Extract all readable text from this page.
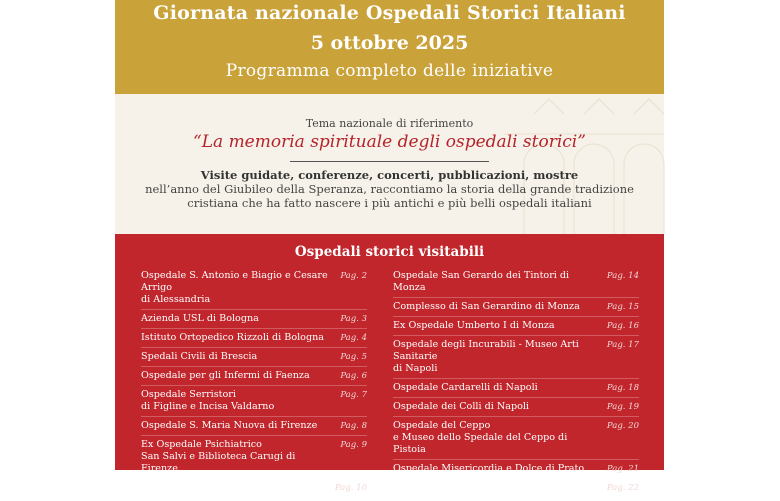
Giornata nazionale Ospedali Storici Italiani
5 ottobre 2025
Programma completo delle iniziative
Tema nazionale di riferimento
“La memoria spirituale degli ospedali storici”
Visite guidate, conferenze, concerti, pubblicazioni, mostre
nell’anno del Giubileo della Speranza, raccontiamo la storia della grande tradizione
cristiana che ha fatto nascere i più antichi e più belli ospedali italiani
Ospedali storici visitabili
Ospedale S. Antonio e Biagio e Cesare Arrigo
di Alessandria
Pag. 2
Azienda USL di Bologna	Pag. 3
Istituto Ortopedico Rizzoli di Bologna	Pag. 4
Spedali Civili di Brescia	Pag. 5
Ospedale per gli Infermi di Faenza	Pag. 6
Ospedale Serristori
di Figline e Incisa Valdarno
Pag. 7
Ospedale S. Maria Nuova di Firenze	Pag. 8
Ex Ospedale Psichiatrico
San Salvi e Biblioteca Carugi di Firenze
Pag. 9
Ospedali Galliera di Genova	Pag. 10
Ospedale San Gerardo dei Tintori di Monza
Pag. 14
Complesso di San Gerardino di Monza	Pag. 15
Ex Ospedale Umberto I di Monza	Pag. 16
Ospedale degli Incurabili - Museo Arti Sanitarie
di Napoli
Pag. 17
Ospedale Cardarelli di Napoli	Pag. 18
Ospedale dei Colli di Napoli	Pag. 19
Ospedale del Ceppo
e Museo dello Spedale del Ceppo di Pistoia
Pag. 20
Ospedale Misericordia e Dolce di Prato	Pag. 21
Ospedale Santo Spirito in Sassia di Roma	Pag. 22
